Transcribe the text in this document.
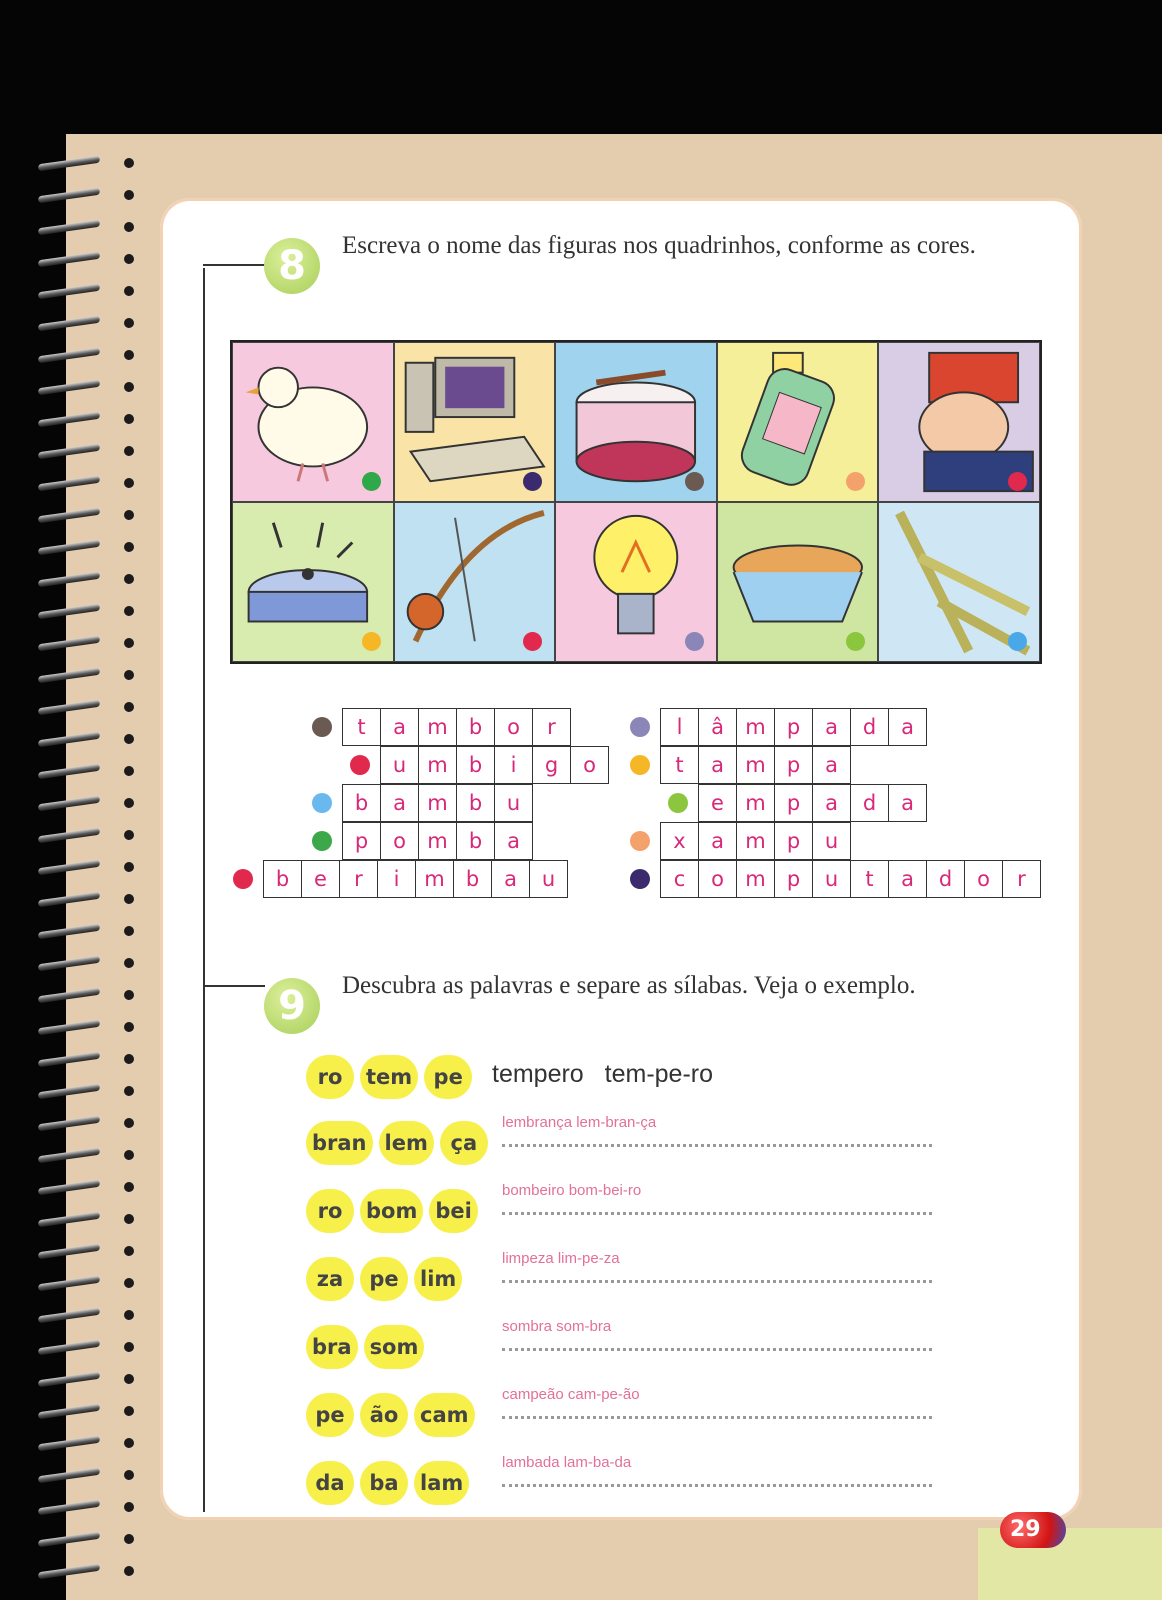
8	Escreva o nome das figuras nos quadrinhos, conforme as cores.
t	a	m	b	o	r
u	m	b	i	g	o
b	a	m	b	u
p	o	m	b	a
b	e	r	i	m	b	a	u
l	â	m	p	a	d	a
t	a	m	p	a
e	m	p	a	d	a
x	a	m	p	u
c	o	m	p	u	t	a	d	o	r
9	Descubra as palavras e separe as sílabas. Veja o exemplo.
ro	tem	pe	tempero tem-pe-ro
bran lem	ça
lembrança lem-bran-ça
ro	bom bei
bombeiro bom-bei-ro
za	pe	lim
limpeza lim-pe-za
bra som
sombra som-bra
pe	ão	cam
campeão cam-pe-ão
da	ba	lam
lambada lam-ba-da
29
